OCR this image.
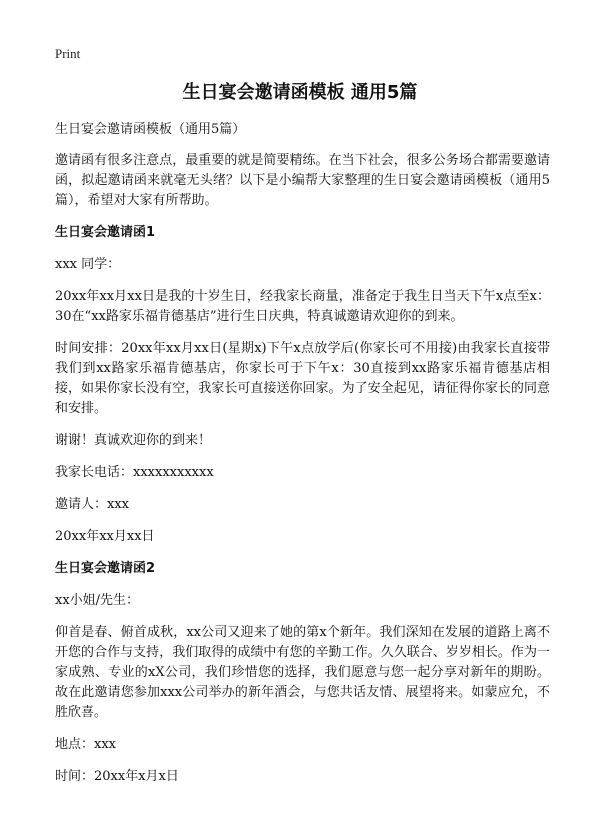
Print
生日宴会邀请函模板 通用5篇

生日宴会邀请函模板（通用5篇）

邀请函有很多注意点，最重要的就是简要精练。在当下社会，很多公务场合都需要邀请函，拟起邀请函来就毫无头绪？以下是小编帮大家整理的生日宴会邀请函模板（通用5篇），希望对大家有所帮助。

生日宴会邀请函1

xxx 同学：

20xx年xx月xx日是我的十岁生日，经我家长商量，准备定于我生日当天下午x点至x：30在“xx路家乐福肯德基店”进行生日庆典，特真诚邀请欢迎你的到来。

时间安排：20xx年xx月xx日(星期x)下午x点放学后(你家长可不用接)由我家长直接带我们到xx路家乐福肯德基店，你家长可于下午x：30直接到xx路家乐福肯德基店相接，如果你家长没有空，我家长可直接送你回家。为了安全起见，请征得你家长的同意和安排。

谢谢！真诚欢迎你的到来！

我家长电话：xxxxxxxxxxx

邀请人：xxx

20xx年xx月xx日

生日宴会邀请函2

xx小姐/先生：

仰首是春、俯首成秋，xx公司又迎来了她的第x个新年。我们深知在发展的道路上离不开您的合作与支持，我们取得的成绩中有您的辛勤工作。久久联合、岁岁相长。作为一家成熟、专业的xX公司，我们珍惜您的选择，我们愿意与您一起分享对新年的期盼。故在此邀请您参加xxx公司举办的新年酒会，与您共话友情、展望将来。如蒙应允，不胜欣喜。

地点：xxx

时间：20xx年x月x日
